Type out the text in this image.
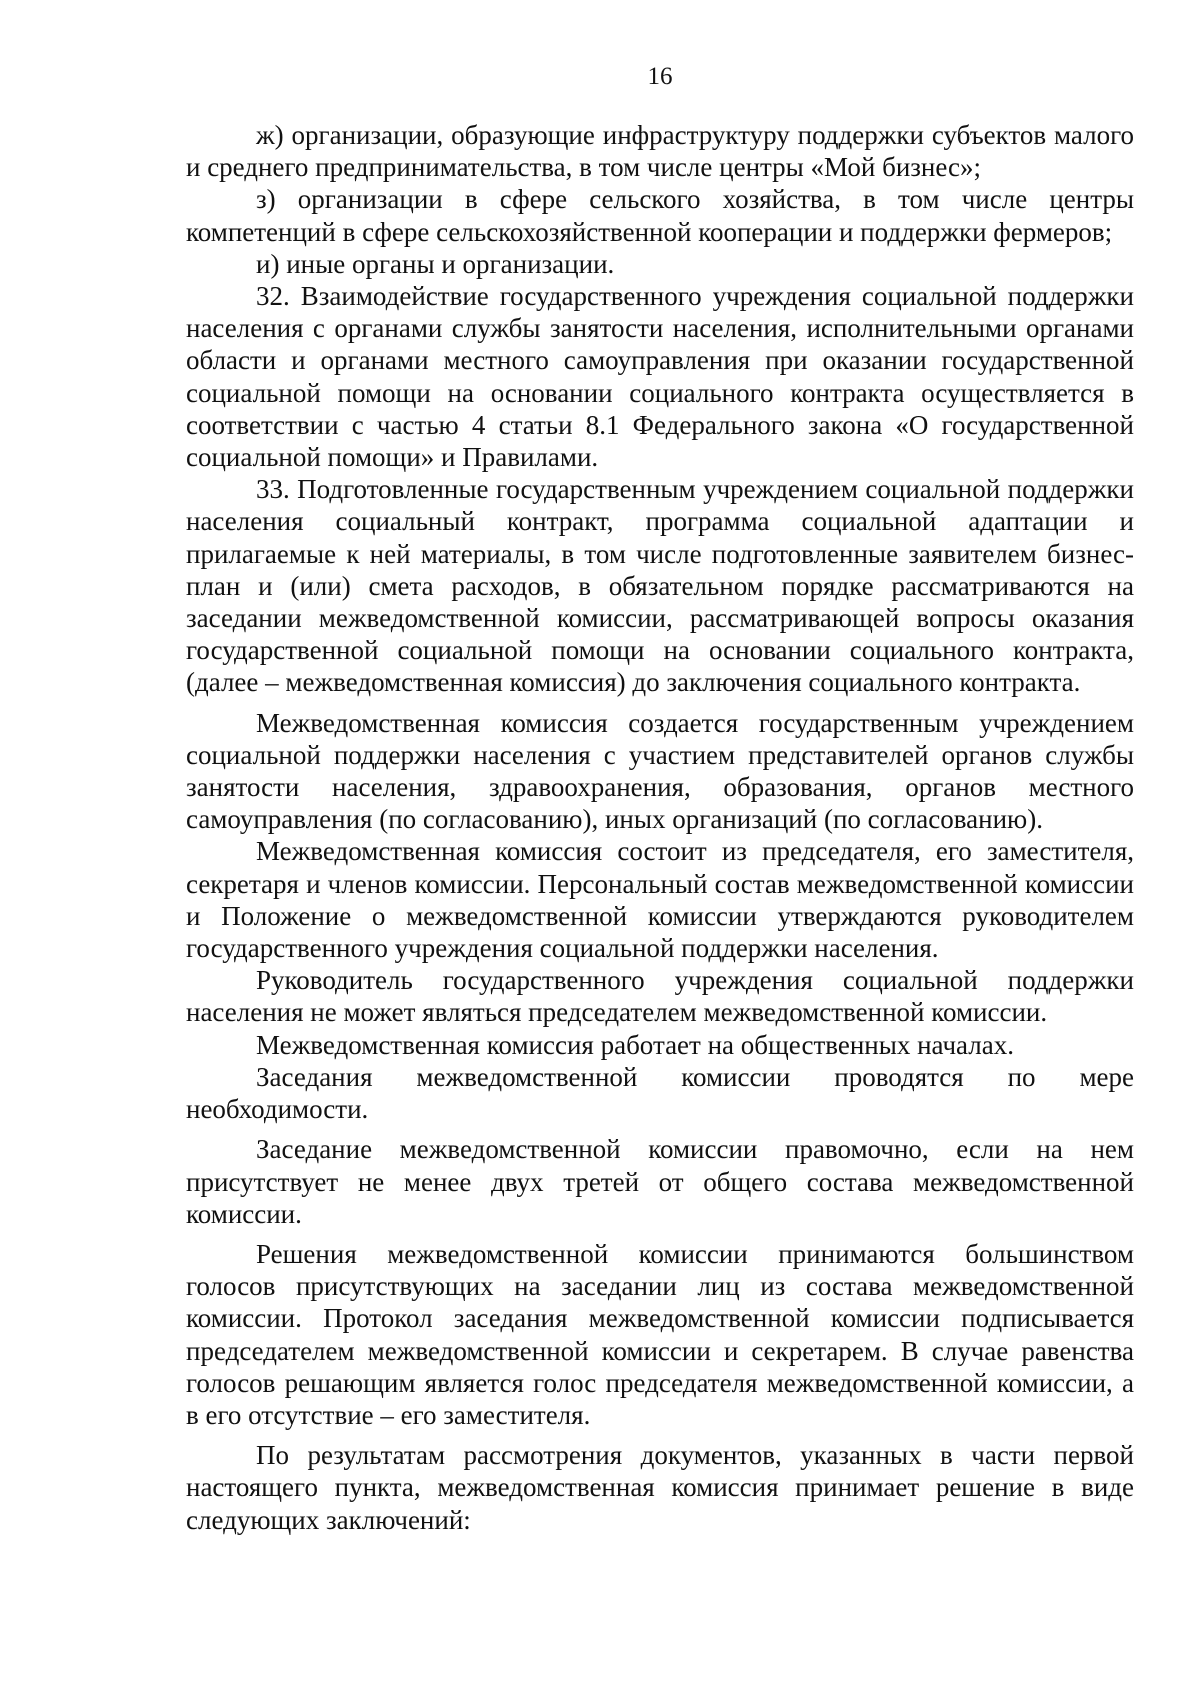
16

ж) организации, образующие инфраструктуру поддержки субъектов малого и среднего предпринимательства, в том числе центры «Мой бизнес»;

з) организации в сфере сельского хозяйства, в том числе центры компетенций в сфере сельскохозяйственной кооперации и поддержки фермеров;

и) иные органы и организации.

32. Взаимодействие государственного учреждения социальной поддержки населения с органами службы занятости населения, исполнительными органами области и органами местного самоуправления при оказании государственной социальной помощи на основании социального контракта осуществляется в соответствии с частью 4 статьи 8.1 Федерального закона «О государственной социальной помощи» и Правилами.

33. Подготовленные государственным учреждением социальной поддержки населения социальный контракт, программа социальной адаптации и прилагаемые к ней материалы, в том числе подготовленные заявителем бизнес-план и (или) смета расходов, в обязательном порядке рассматриваются на заседании межведомственной комиссии, рассматривающей вопросы оказания государственной социальной помощи на основании социального контракта, (далее – межведомственная комиссия) до заключения социального контракта.

Межведомственная комиссия создается государственным учреждением социальной поддержки населения с участием представителей органов службы занятости населения, здравоохранения, образования, органов местного самоуправления (по согласованию), иных организаций (по согласованию).

Межведомственная комиссия состоит из председателя, его заместителя, секретаря и членов комиссии. Персональный состав межведомственной комиссии и Положение о межведомственной комиссии утверждаются руководителем государственного учреждения социальной поддержки населения.

Руководитель государственного учреждения социальной поддержки населения не может являться председателем межведомственной комиссии.

Межведомственная комиссия работает на общественных началах.

Заседания межведомственной комиссии проводятся по мере необходимости.

Заседание межведомственной комиссии правомочно, если на нем присутствует не менее двух третей от общего состава межведомственной комиссии.

Решения межведомственной комиссии принимаются большинством голосов присутствующих на заседании лиц из состава межведомственной комиссии. Протокол заседания межведомственной комиссии подписывается председателем межведомственной комиссии и секретарем. В случае равенства голосов решающим является голос председателя межведомственной комиссии, а в его отсутствие – его заместителя.

По результатам рассмотрения документов, указанных в части первой настоящего пункта, межведомственная комиссия принимает решение в виде следующих заключений:
